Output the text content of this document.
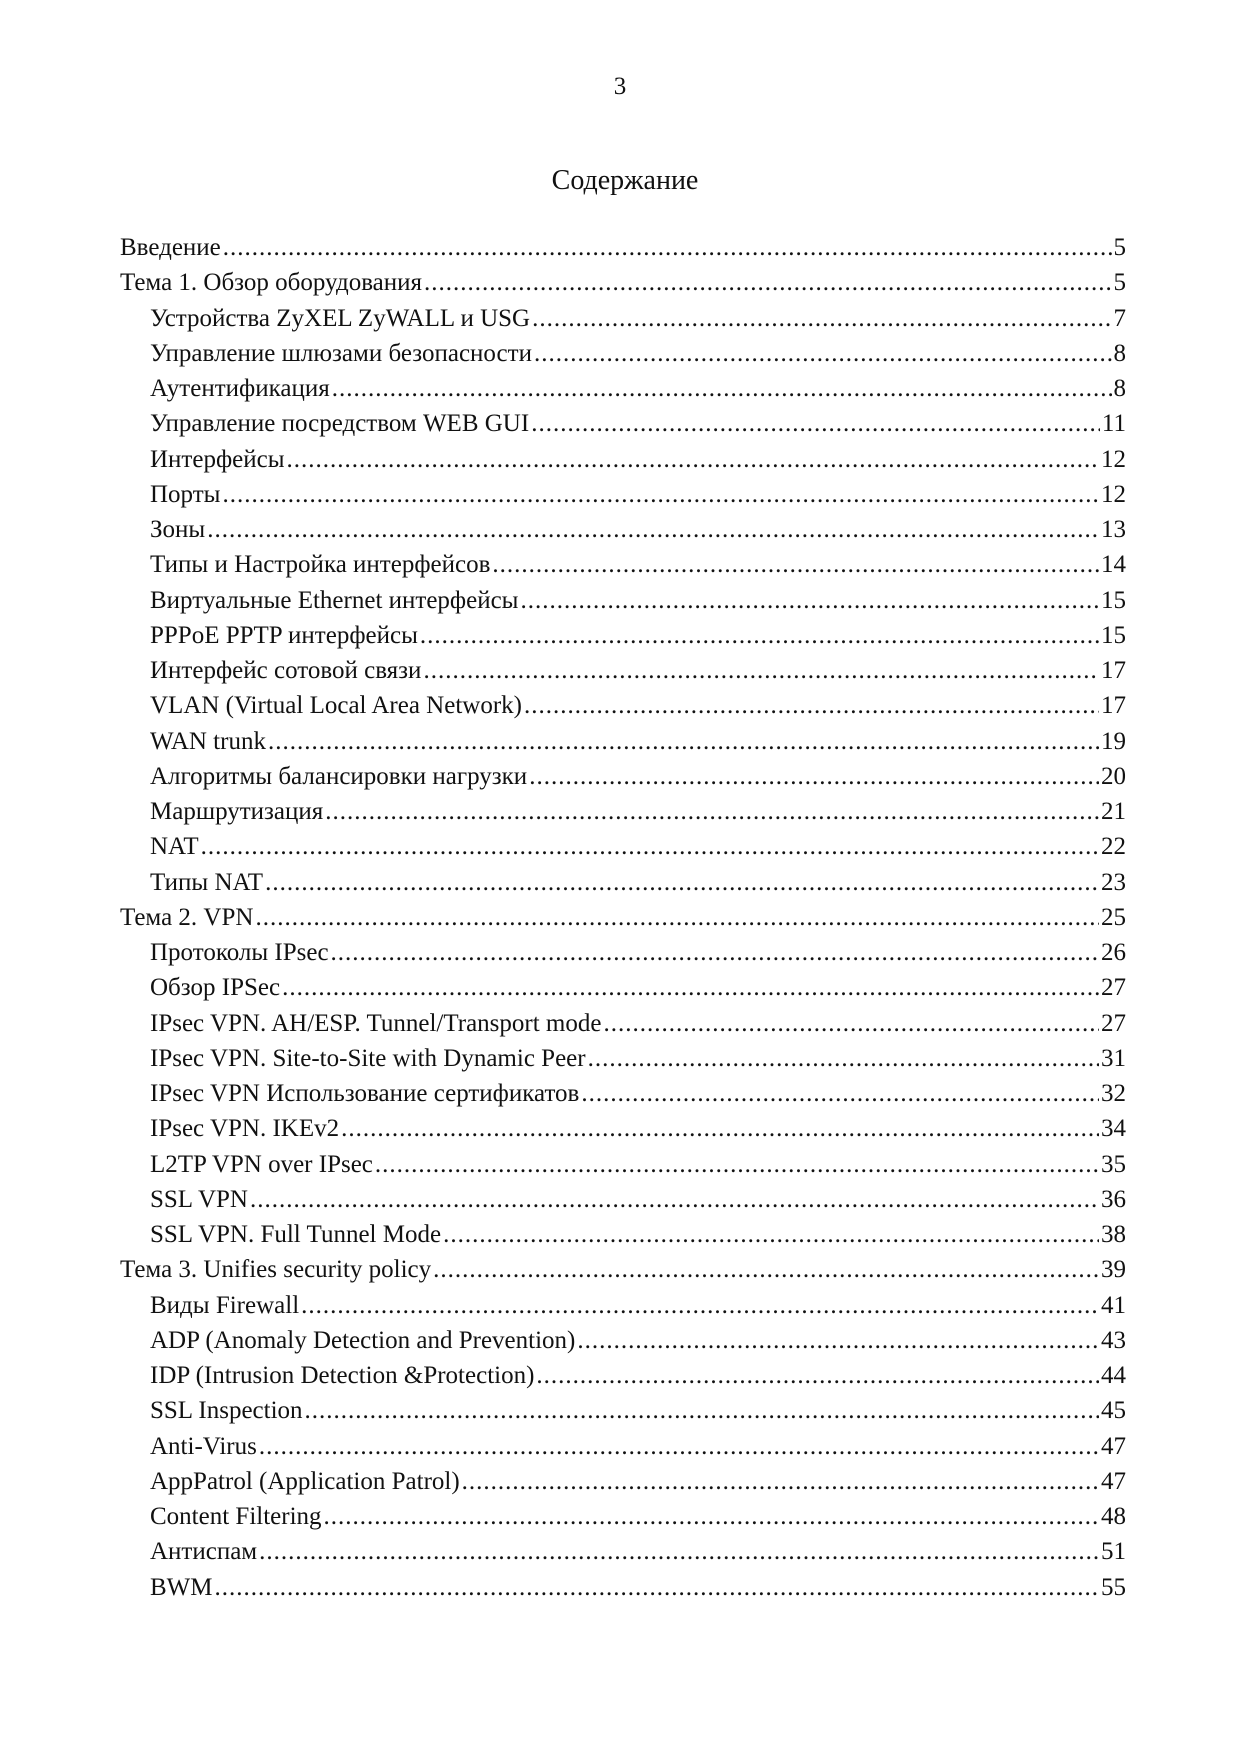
3
Содержание
Введение .....	5
Тема 1. Обзор оборудования .....	5
Устройства ZyXEL ZyWALL и USG .....	7
Управление шлюзами безопасности .....	8
Аутентификация .....	8
Управление посредством WEB GUI .....	11
Интерфейсы .....	12
Порты .....	12
Зоны .....	13
Типы и Настройка интерфейсов .....	14
Виртуальные Ethernet интерфейсы .....	15
PPPoE PPTP интерфейсы .....	15
Интерфейс сотовой связи .....	17
VLAN (Virtual Local Area Network) .....	17
WAN trunk .....	19
Алгоритмы балансировки нагрузки .....	20
Маршрутизация .....	21
NAT .....	22
Типы NAT .....	23
Тема 2. VPN .....	25
Протоколы IPsec .....	26
Обзор IPSec .....	27
IPsec VPN. AH/ESP. Tunnel/Transport mode .....	27
IPsec VPN. Site-to-Site with Dynamic Peer .....	31
IPsec VPN Использование сертификатов .....	32
IPsec VPN. IKEv2 .....	34
L2TP VPN over IPsec .....	35
SSL VPN .....	36
SSL VPN. Full Tunnel Mode .....	38
Тема 3. Unifies security policy .....	39
Виды Firewall .....	41
ADP (Anomaly Detection and Prevention) .....	43
IDP (Intrusion Detection &Protection) .....	44
SSL Inspection .....	45
Anti-Virus .....	47
AppPatrol (Application Patrol) .....	47
Content Filtering .....	48
Антиспам .....	51
BWM .....	55
